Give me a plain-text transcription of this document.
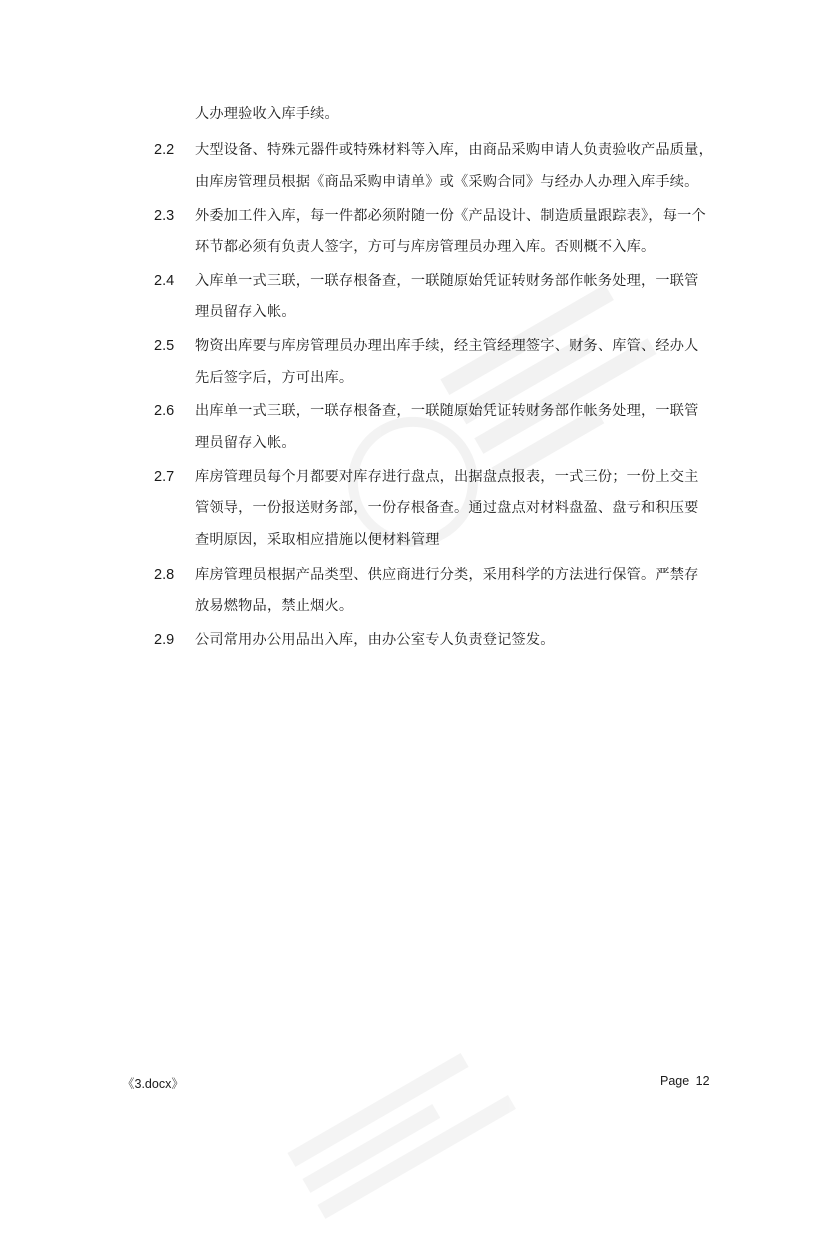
人办理验收入库手续。
2.2 大型设备、特殊元器件或特殊材料等入库，由商品采购申请人负责验收产品质量，
由库房管理员根据《商品采购申请单》或《采购合同》与经办人办理入库手续。
2.3 外委加工件入库，每一件都必须附随一份《产品设计、制造质量跟踪表》，每一个
环节都必须有负责人签字，方可与库房管理员办理入库。否则概不入库。
2.4 入库单一式三联，一联存根备查，一联随原始凭证转财务部作帐务处理，一联管
理员留存入帐。
2.5 物资出库要与库房管理员办理出库手续，经主管经理签字、财务、库管、经办人
先后签字后，方可出库。
2.6 出库单一式三联，一联存根备查，一联随原始凭证转财务部作帐务处理，一联管
理员留存入帐。
2.7 库房管理员每个月都要对库存进行盘点，出据盘点报表，一式三份；一份上交主
管领导，一份报送财务部，一份存根备查。通过盘点对材料盘盈、盘亏和积压要
查明原因，采取相应措施以便材料管理
2.8 库房管理员根据产品类型、供应商进行分类，采用科学的方法进行保管。严禁存
放易燃物品，禁止烟火。
2.9 公司常用办公用品出入库，由办公室专人负责登记签发。
《3.docx》	Page 12
